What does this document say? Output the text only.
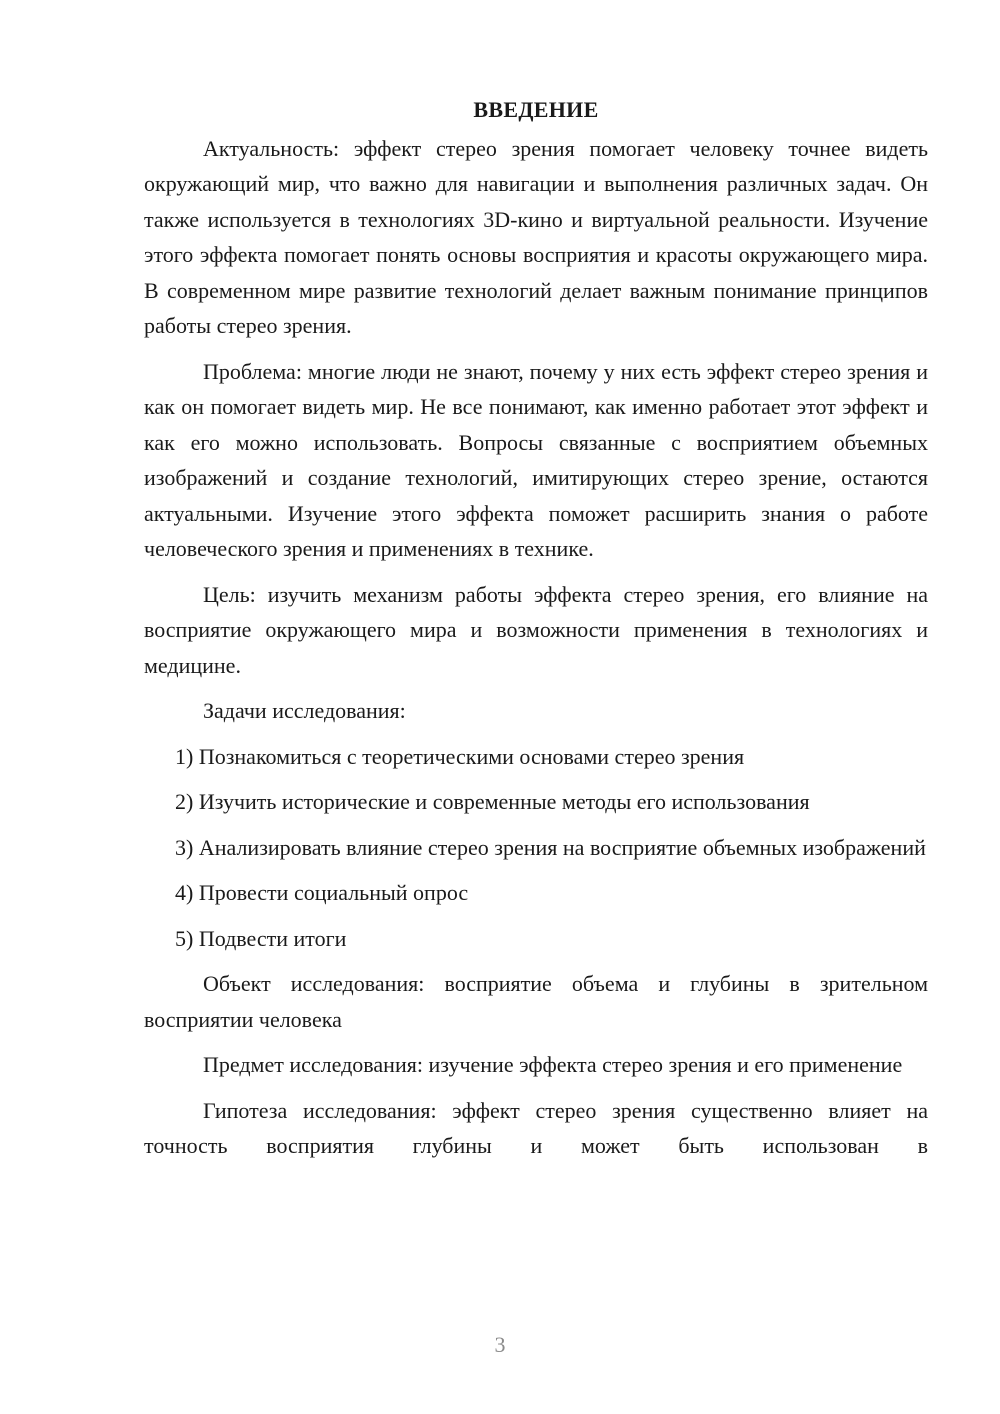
ВВЕДЕНИЕ

Актуальность: эффект стерео зрения помогает человеку точнее видеть окружающий мир, что важно для навигации и выполнения различных задач. Он также используется в технологиях 3D-кино и виртуальной реальности. Изучение этого эффекта помогает понять основы восприятия и красоты окружающего мира. В современном мире развитие технологий делает важным понимание принципов работы стерео зрения.

Проблема: многие люди не знают, почему у них есть эффект стерео зрения и как он помогает видеть мир. Не все понимают, как именно работает этот эффект и как его можно использовать. Вопросы связанные с восприятием объемных изображений и создание технологий, имитирующих стерео зрение, остаются актуальными. Изучение этого эффекта поможет расширить знания о работе человеческого зрения и применениях в технике.

Цель: изучить механизм работы эффекта стерео зрения, его влияние на восприятие окружающего мира и возможности применения в технологиях и медицине.

Задачи исследования:

1) Познакомиться с теоретическими основами стерео зрения

2) Изучить исторические и современные методы его использования

3) Анализировать влияние стерео зрения на восприятие объемных изображений

4) Провести социальный опрос

5) Подвести итоги

Объект исследования: восприятие объема и глубины в зрительном восприятии человека

Предмет исследования: изучение эффекта стерео зрения и его применение

Гипотеза исследования: эффект стерео зрения существенно влияет на точность восприятия глубины и может быть использован в

3
